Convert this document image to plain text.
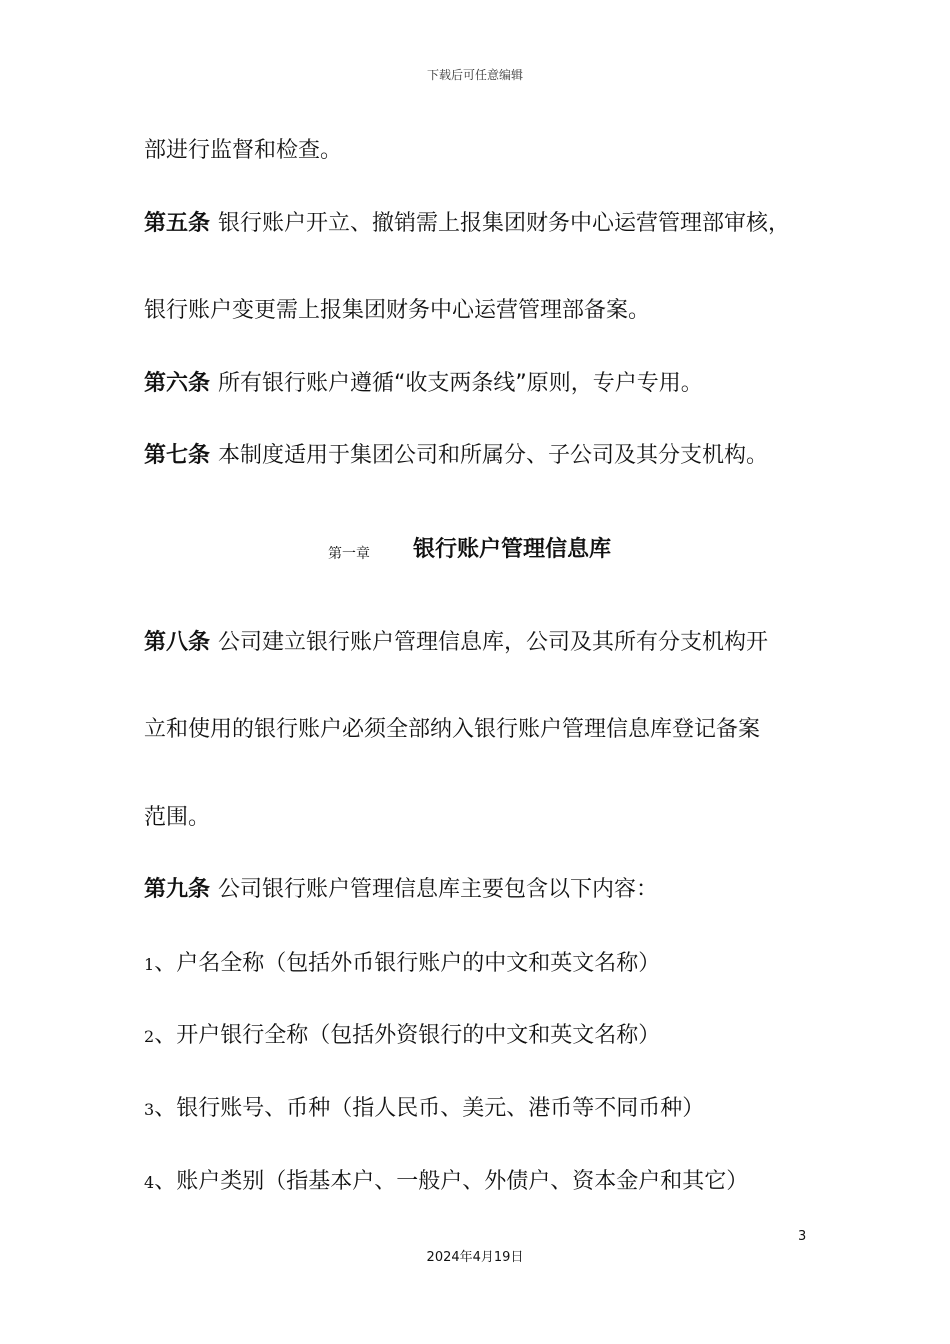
下载后可任意编辑
部进行监督和检查。
第五条 银行账户开立、撤销需上报集团财务中心运营管理部审核，
银行账户变更需上报集团财务中心运营管理部备案。
第六条 所有银行账户遵循“收支两条线”原则，专户专用。
第七条 本制度适用于集团公司和所属分、子公司及其分支机构。
第一章 银行账户管理信息库
第八条 公司建立银行账户管理信息库，公司及其所有分支机构开
立和使用的银行账户必须全部纳入银行账户管理信息库登记备案
范围。
第九条 公司银行账户管理信息库主要包含以下内容：
1、户名全称（包括外币银行账户的中文和英文名称）
2、开户银行全称（包括外资银行的中文和英文名称）
3、银行账号、币种（指人民币、美元、港币等不同币种）
4、账户类别（指基本户、一般户、外债户、资本金户和其它）
3
2024年4月19日
